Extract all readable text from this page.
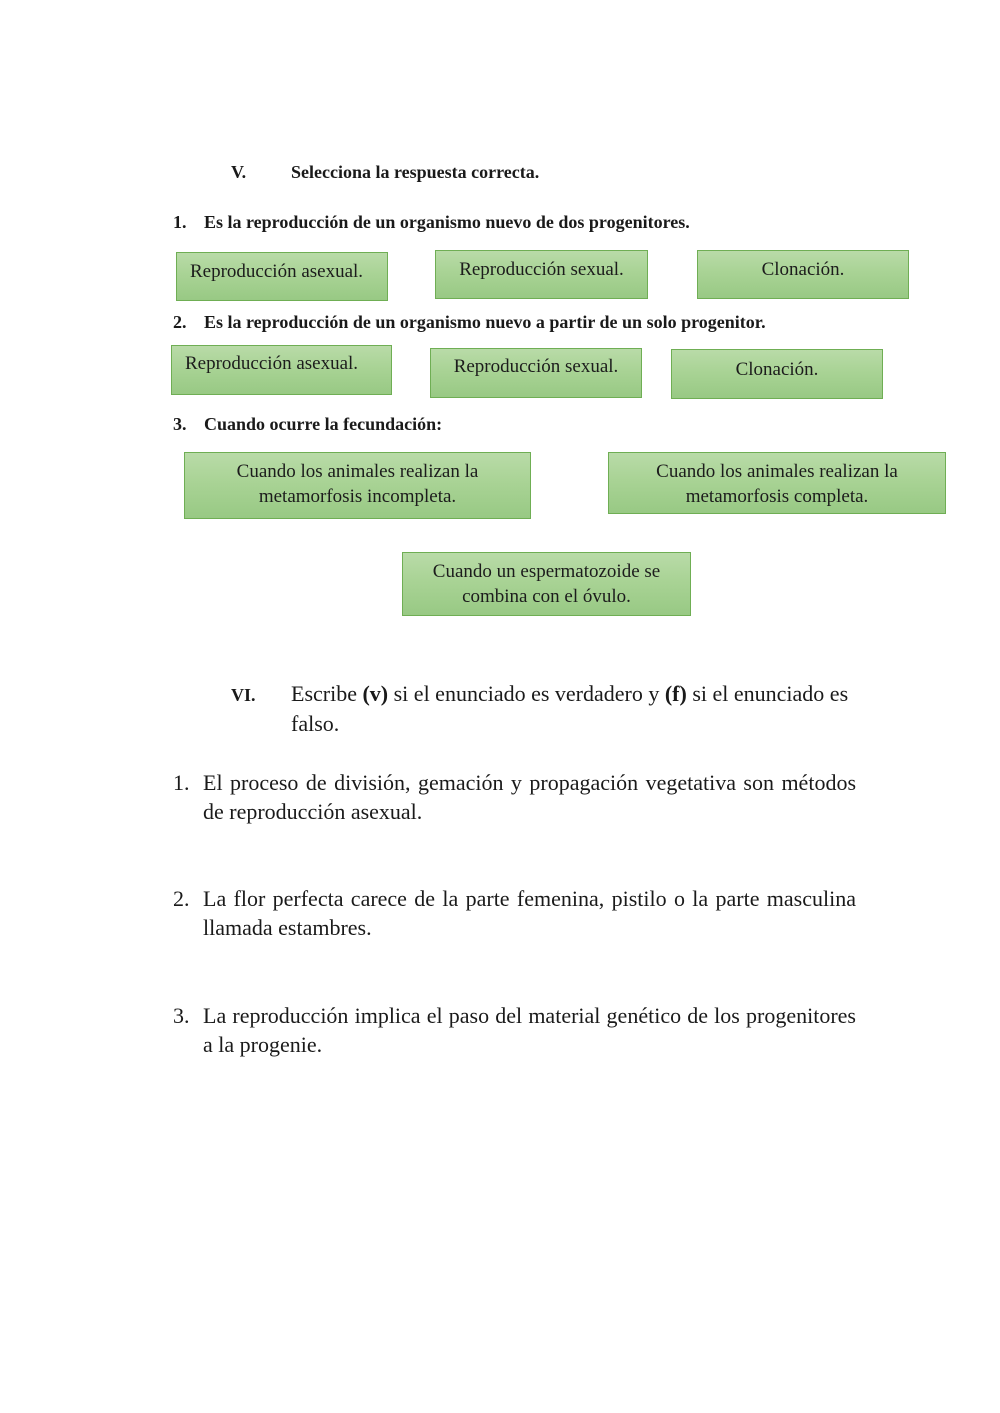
V. Selecciona la respuesta correcta.
1. Es la reproducción de un organismo nuevo de dos progenitores.
Reproducción asexual.	Reproducción sexual.	Clonación.
2. Es la reproducción de un organismo nuevo a partir de un solo progenitor.
Reproducción asexual.	Reproducción sexual.	Clonación.
3. Cuando ocurre la fecundación:
Cuando los animales realizan la metamorfosis incompleta.
Cuando los animales realizan la metamorfosis completa.
Cuando un espermatozoide se combina con el óvulo.
VI. Escribe (v) si el enunciado es verdadero y (f) si el enunciado es falso.
1. El proceso de división, gemación y propagación vegetativa son métodos de reproducción asexual.
2. La flor perfecta carece de la parte femenina, pistilo o la parte masculina llamada estambres.
3. La reproducción implica el paso del material genético de los progenitores a la progenie.
